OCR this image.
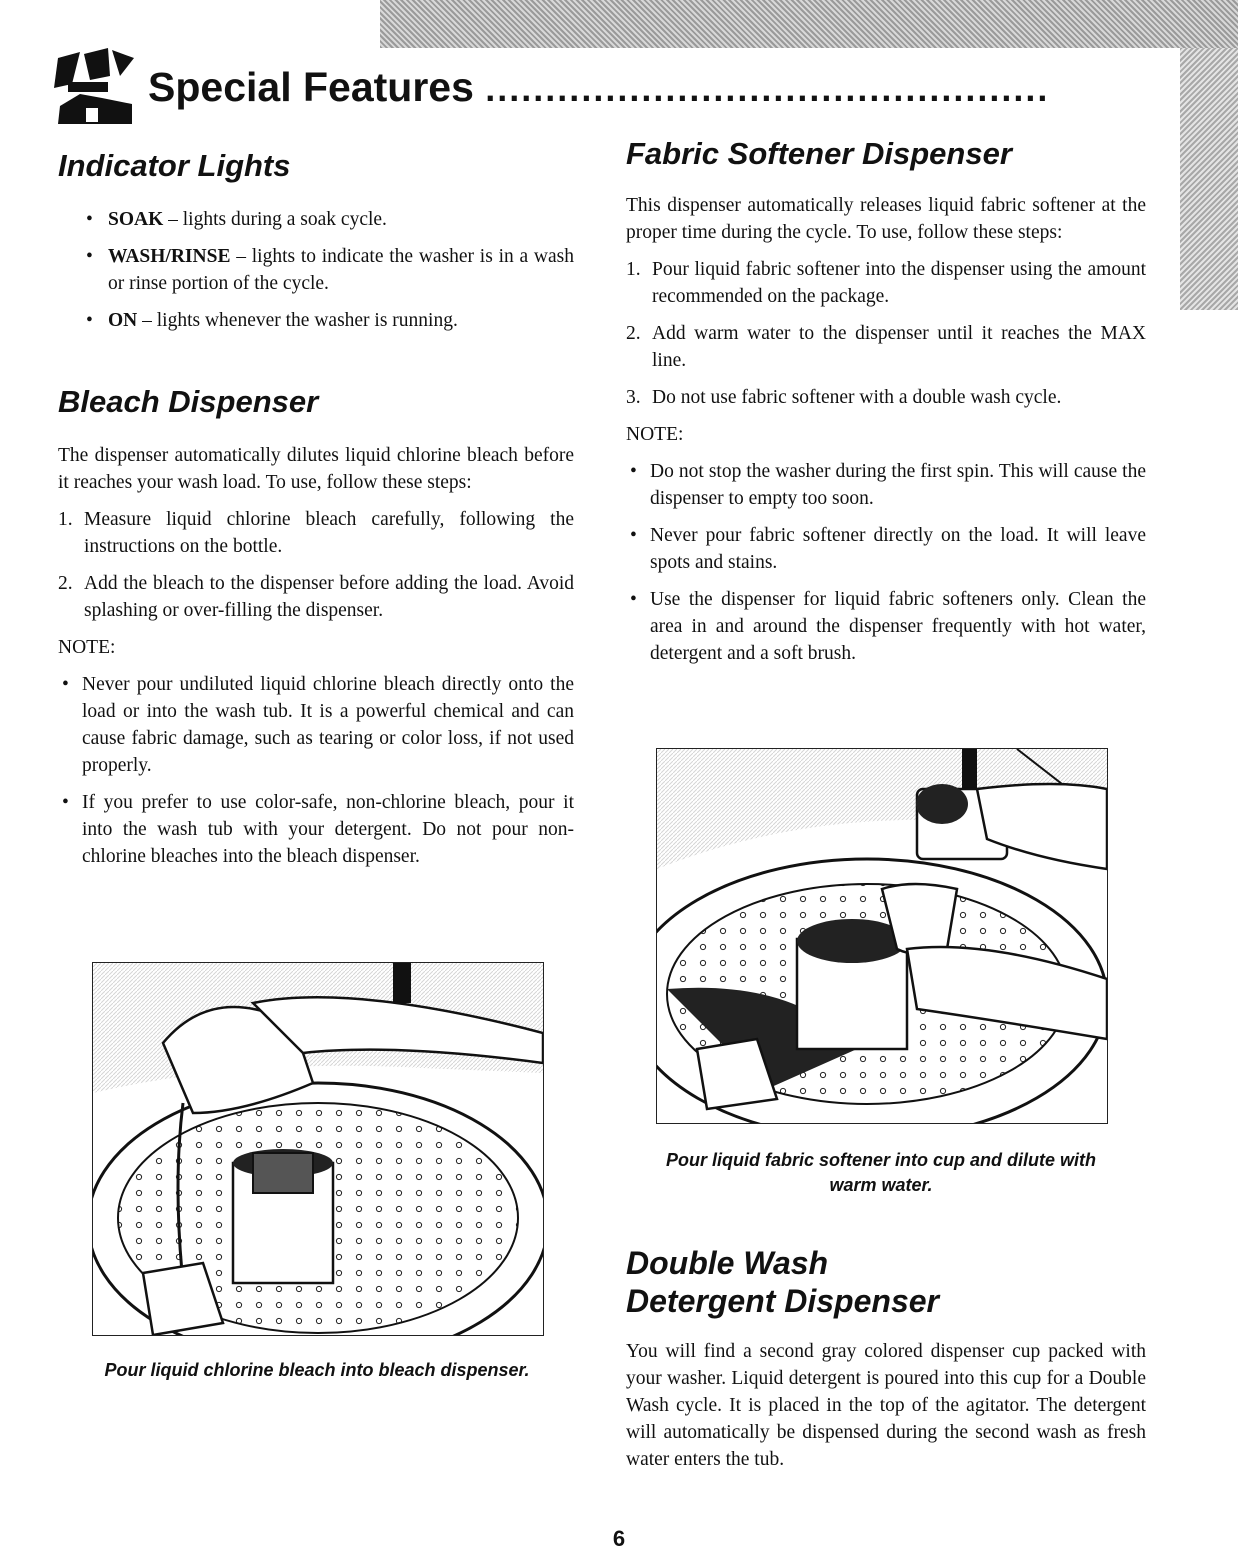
Special Features ...............................................
Indicator Lights
• SOAK – lights during a soak cycle.
• WASH/RINSE – lights to indicate the washer is in a wash or rinse portion of the cycle.
• ON – lights whenever the washer is running.
Bleach Dispenser

The dispenser automatically dilutes liquid chlorine bleach before it reaches your wash load. To use, follow these steps:

1. Measure liquid chlorine bleach carefully, following the instructions on the bottle.
2. Add the bleach to the dispenser before adding the load. Avoid splashing or over-filling the dispenser.
NOTE:
• Never pour undiluted liquid chlorine bleach directly onto the load or into the wash tub. It is a powerful chemical and can cause fabric damage, such as tearing or color loss, if not used properly.
• If you prefer to use color-safe, non-chlorine bleach, pour it into the wash tub with your detergent. Do not pour non-chlorine bleaches into the bleach dispenser.
Pour liquid chlorine bleach into bleach dispenser.
Fabric Softener Dispenser

This dispenser automatically releases liquid fabric softener at the proper time during the cycle. To use, follow these steps:

1. Pour liquid fabric softener into the dispenser using the amount recommended on the package.
2. Add warm water to the dispenser until it reaches the MAX line.
3. Do not use fabric softener with a double wash cycle.
NOTE:
• Do not stop the washer during the first spin. This will cause the dispenser to empty too soon.
• Never pour fabric softener directly on the load. It will leave spots and stains.
• Use the dispenser for liquid fabric softeners only. Clean the area in and around the dispenser frequently with hot water, detergent and a soft brush.
Pour liquid fabric softener into cup and dilute with warm water.
Double Wash
Detergent Dispenser

You will find a second gray colored dispenser cup packed with your washer. Liquid detergent is poured into this cup for a Double Wash cycle. It is placed in the top of the agitator. The detergent will automatically be dispensed during the second wash as fresh water enters the tub.

6
